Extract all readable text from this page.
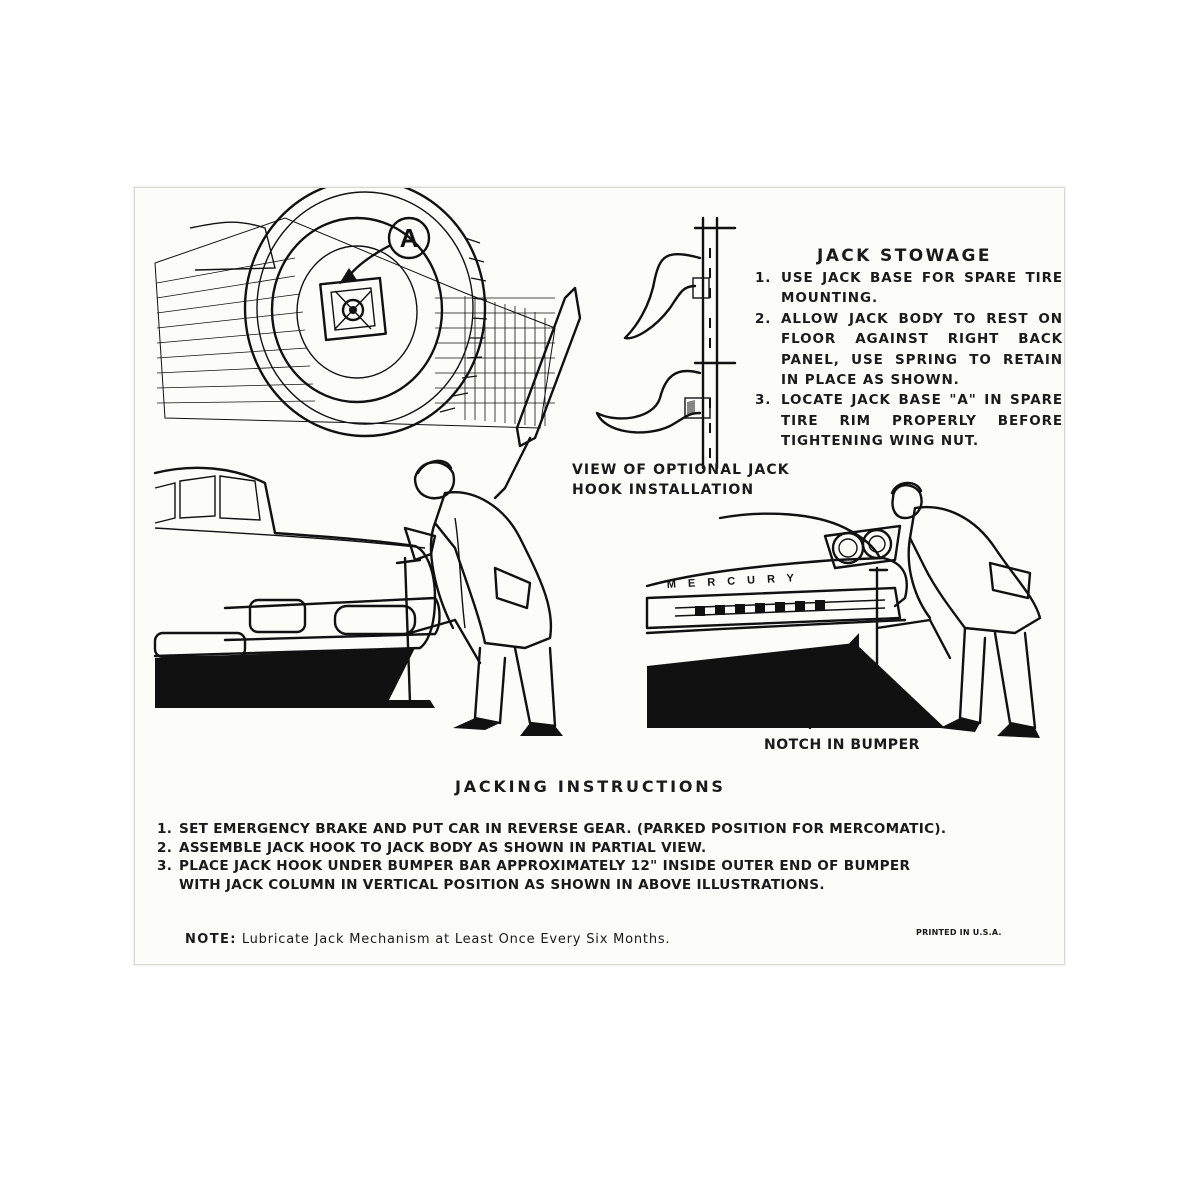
A
MERCURY
JACK STOWAGE
1. USE JACK BASE FOR SPARE TIRE MOUNTING.
2. ALLOW JACK BODY TO REST ON FLOOR AGAINST RIGHT BACK PANEL, USE SPRING TO RETAIN IN PLACE AS SHOWN.
3. LOCATE JACK BASE "A" IN SPARE TIRE RIM PROPERLY BEFORE TIGHTENING WING NUT.
VIEW OF OPTIONAL JACK HOOK INSTALLATION
NOTCH IN BUMPER
JACKING INSTRUCTIONS
1. SET EMERGENCY BRAKE AND PUT CAR IN REVERSE GEAR. (PARKED POSITION FOR MERCOMATIC).
2. ASSEMBLE JACK HOOK TO JACK BODY AS SHOWN IN PARTIAL VIEW.
3. PLACE JACK HOOK UNDER BUMPER BAR APPROXIMATELY 12" INSIDE OUTER END OF BUMPER
WITH JACK COLUMN IN VERTICAL POSITION AS SHOWN IN ABOVE ILLUSTRATIONS.
NOTE: Lubricate Jack Mechanism at Least Once Every Six Months.	PRINTED IN U.S.A.
